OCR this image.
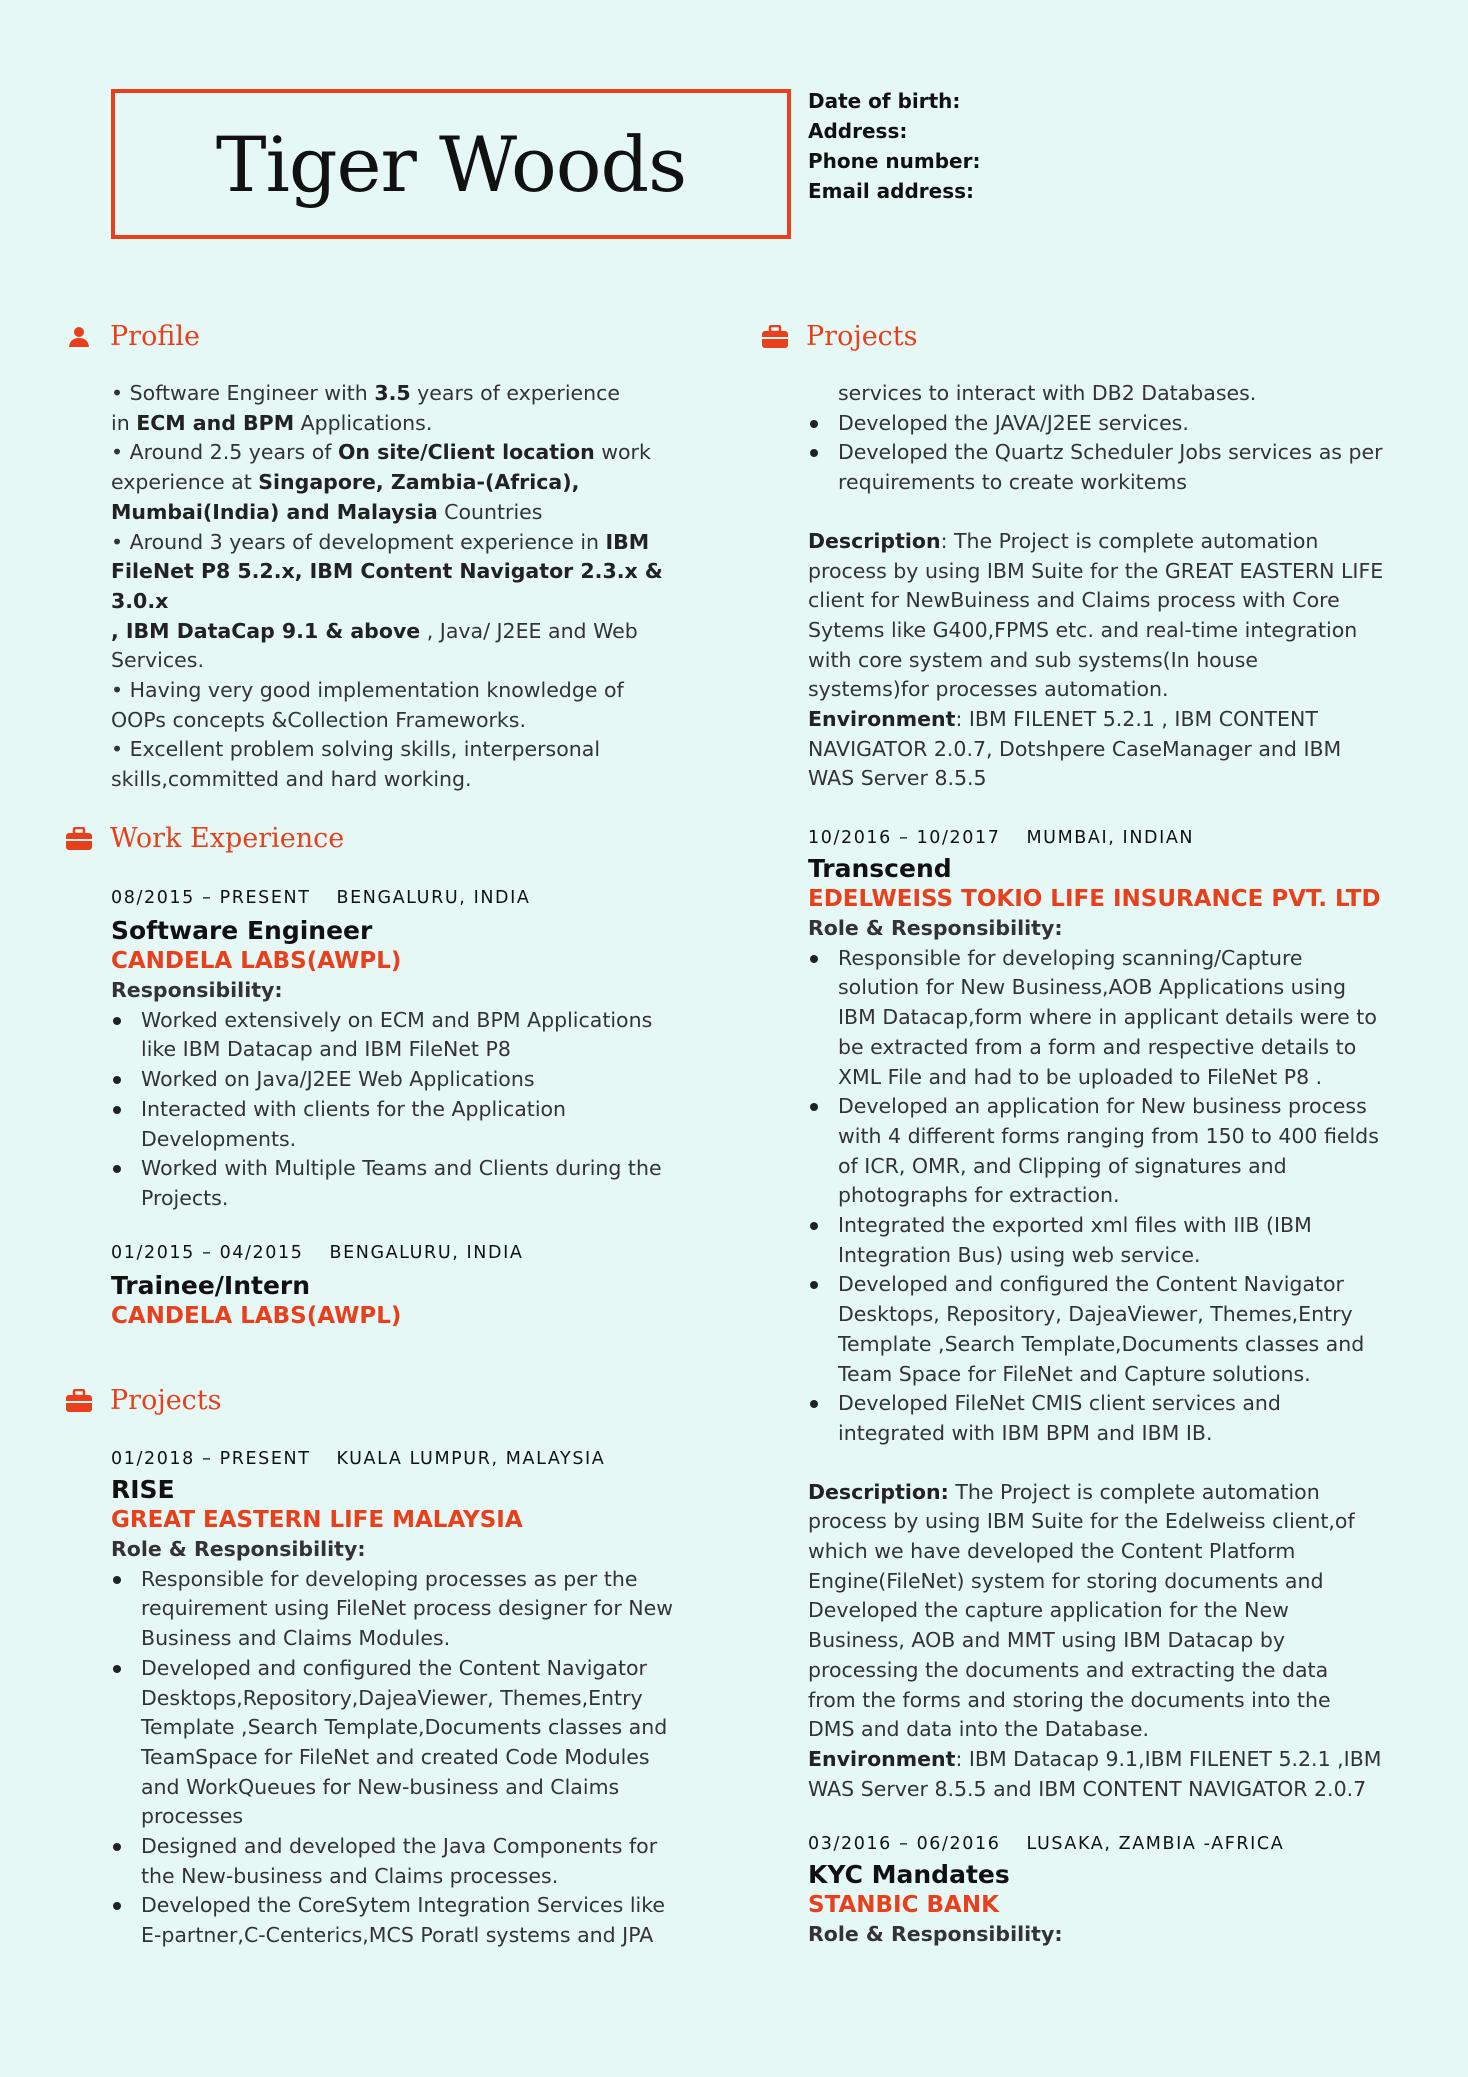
Tiger Woods
Date of birth:
Address:
Phone number:
Email address:
Profile
• Software Engineer with 3.5 years of experience
in ECM and BPM Applications.
• Around 2.5 years of On site/Client location work
experience at Singapore, Zambia-(Africa),
Mumbai(India) and Malaysia Countries
• Around 3 years of development experience in IBM
FileNet P8 5.2.x, IBM Content Navigator 2.3.x & 3.0.x
, IBM DataCap 9.1 & above , Java/ J2EE and Web
Services.
• Having very good implementation knowledge of
OOPs concepts &Collection Frameworks.
• Excellent problem solving skills, interpersonal
skills,committed and hard working.
Work Experience
08/2015 – PRESENT BENGALURU, INDIA
Software Engineer
CANDELA LABS(AWPL)
Responsibility:
Worked extensively on ECM and BPM Applications
like IBM Datacap and IBM FileNet P8
Worked on Java/J2EE Web Applications
Interacted with clients for the Application
Developments.
Worked with Multiple Teams and Clients during the
Projects.
01/2015 – 04/2015 BENGALURU, INDIA
Trainee/Intern
CANDELA LABS(AWPL)
Projects
01/2018 – PRESENT KUALA LUMPUR, MALAYSIA
RISE
GREAT EASTERN LIFE MALAYSIA
Role & Responsibility:
Responsible for developing processes as per the
requirement using FileNet process designer for New
Business and Claims Modules.
Developed and configured the Content Navigator
Desktops,Repository,DajeaViewer, Themes,Entry
Template ,Search Template,Documents classes and
TeamSpace for FileNet and created Code Modules
and WorkQueues for New-business and Claims
processes
Designed and developed the Java Components for
the New-business and Claims processes.
Developed the CoreSytem Integration Services like
E-partner,C-Centerics,MCS Poratl systems and JPA
Projects
services to interact with DB2 Databases.
Developed the JAVA/J2EE services.
Developed the Quartz Scheduler Jobs services as per
requirements to create workitems
Description: The Project is complete automation
process by using IBM Suite for the GREAT EASTERN LIFE
client for NewBuiness and Claims process with Core
Sytems like G400,FPMS etc. and real-time integration
with core system and sub systems(In house
systems)for processes automation.
Environment: IBM FILENET 5.2.1 , IBM CONTENT
NAVIGATOR 2.0.7, Dotshpere CaseManager and IBM
WAS Server 8.5.5
10/2016 – 10/2017 MUMBAI, INDIAN
Transcend
EDELWEISS TOKIO LIFE INSURANCE PVT. LTD
Role & Responsibility:
Responsible for developing scanning/Capture
solution for New Business,AOB Applications using
IBM Datacap,form where in applicant details were to
be extracted from a form and respective details to
XML File and had to be uploaded to FileNet P8 .
Developed an application for New business process
with 4 different forms ranging from 150 to 400 fields
of ICR, OMR, and Clipping of signatures and
photographs for extraction.
Integrated the exported xml files with IIB (IBM
Integration Bus) using web service.
Developed and configured the Content Navigator
Desktops, Repository, DajeaViewer, Themes,Entry
Template ,Search Template,Documents classes and
Team Space for FileNet and Capture solutions.
Developed FileNet CMIS client services and
integrated with IBM BPM and IBM IB.
Description: The Project is complete automation
process by using IBM Suite for the Edelweiss client,of
which we have developed the Content Platform
Engine(FileNet) system for storing documents and
Developed the capture application for the New
Business, AOB and MMT using IBM Datacap by
processing the documents and extracting the data
from the forms and storing the documents into the
DMS and data into the Database.
Environment: IBM Datacap 9.1,IBM FILENET 5.2.1 ,IBM
WAS Server 8.5.5 and IBM CONTENT NAVIGATOR 2.0.7
03/2016 – 06/2016 LUSAKA, ZAMBIA -AFRICA
KYC Mandates
STANBIC BANK
Role & Responsibility:
